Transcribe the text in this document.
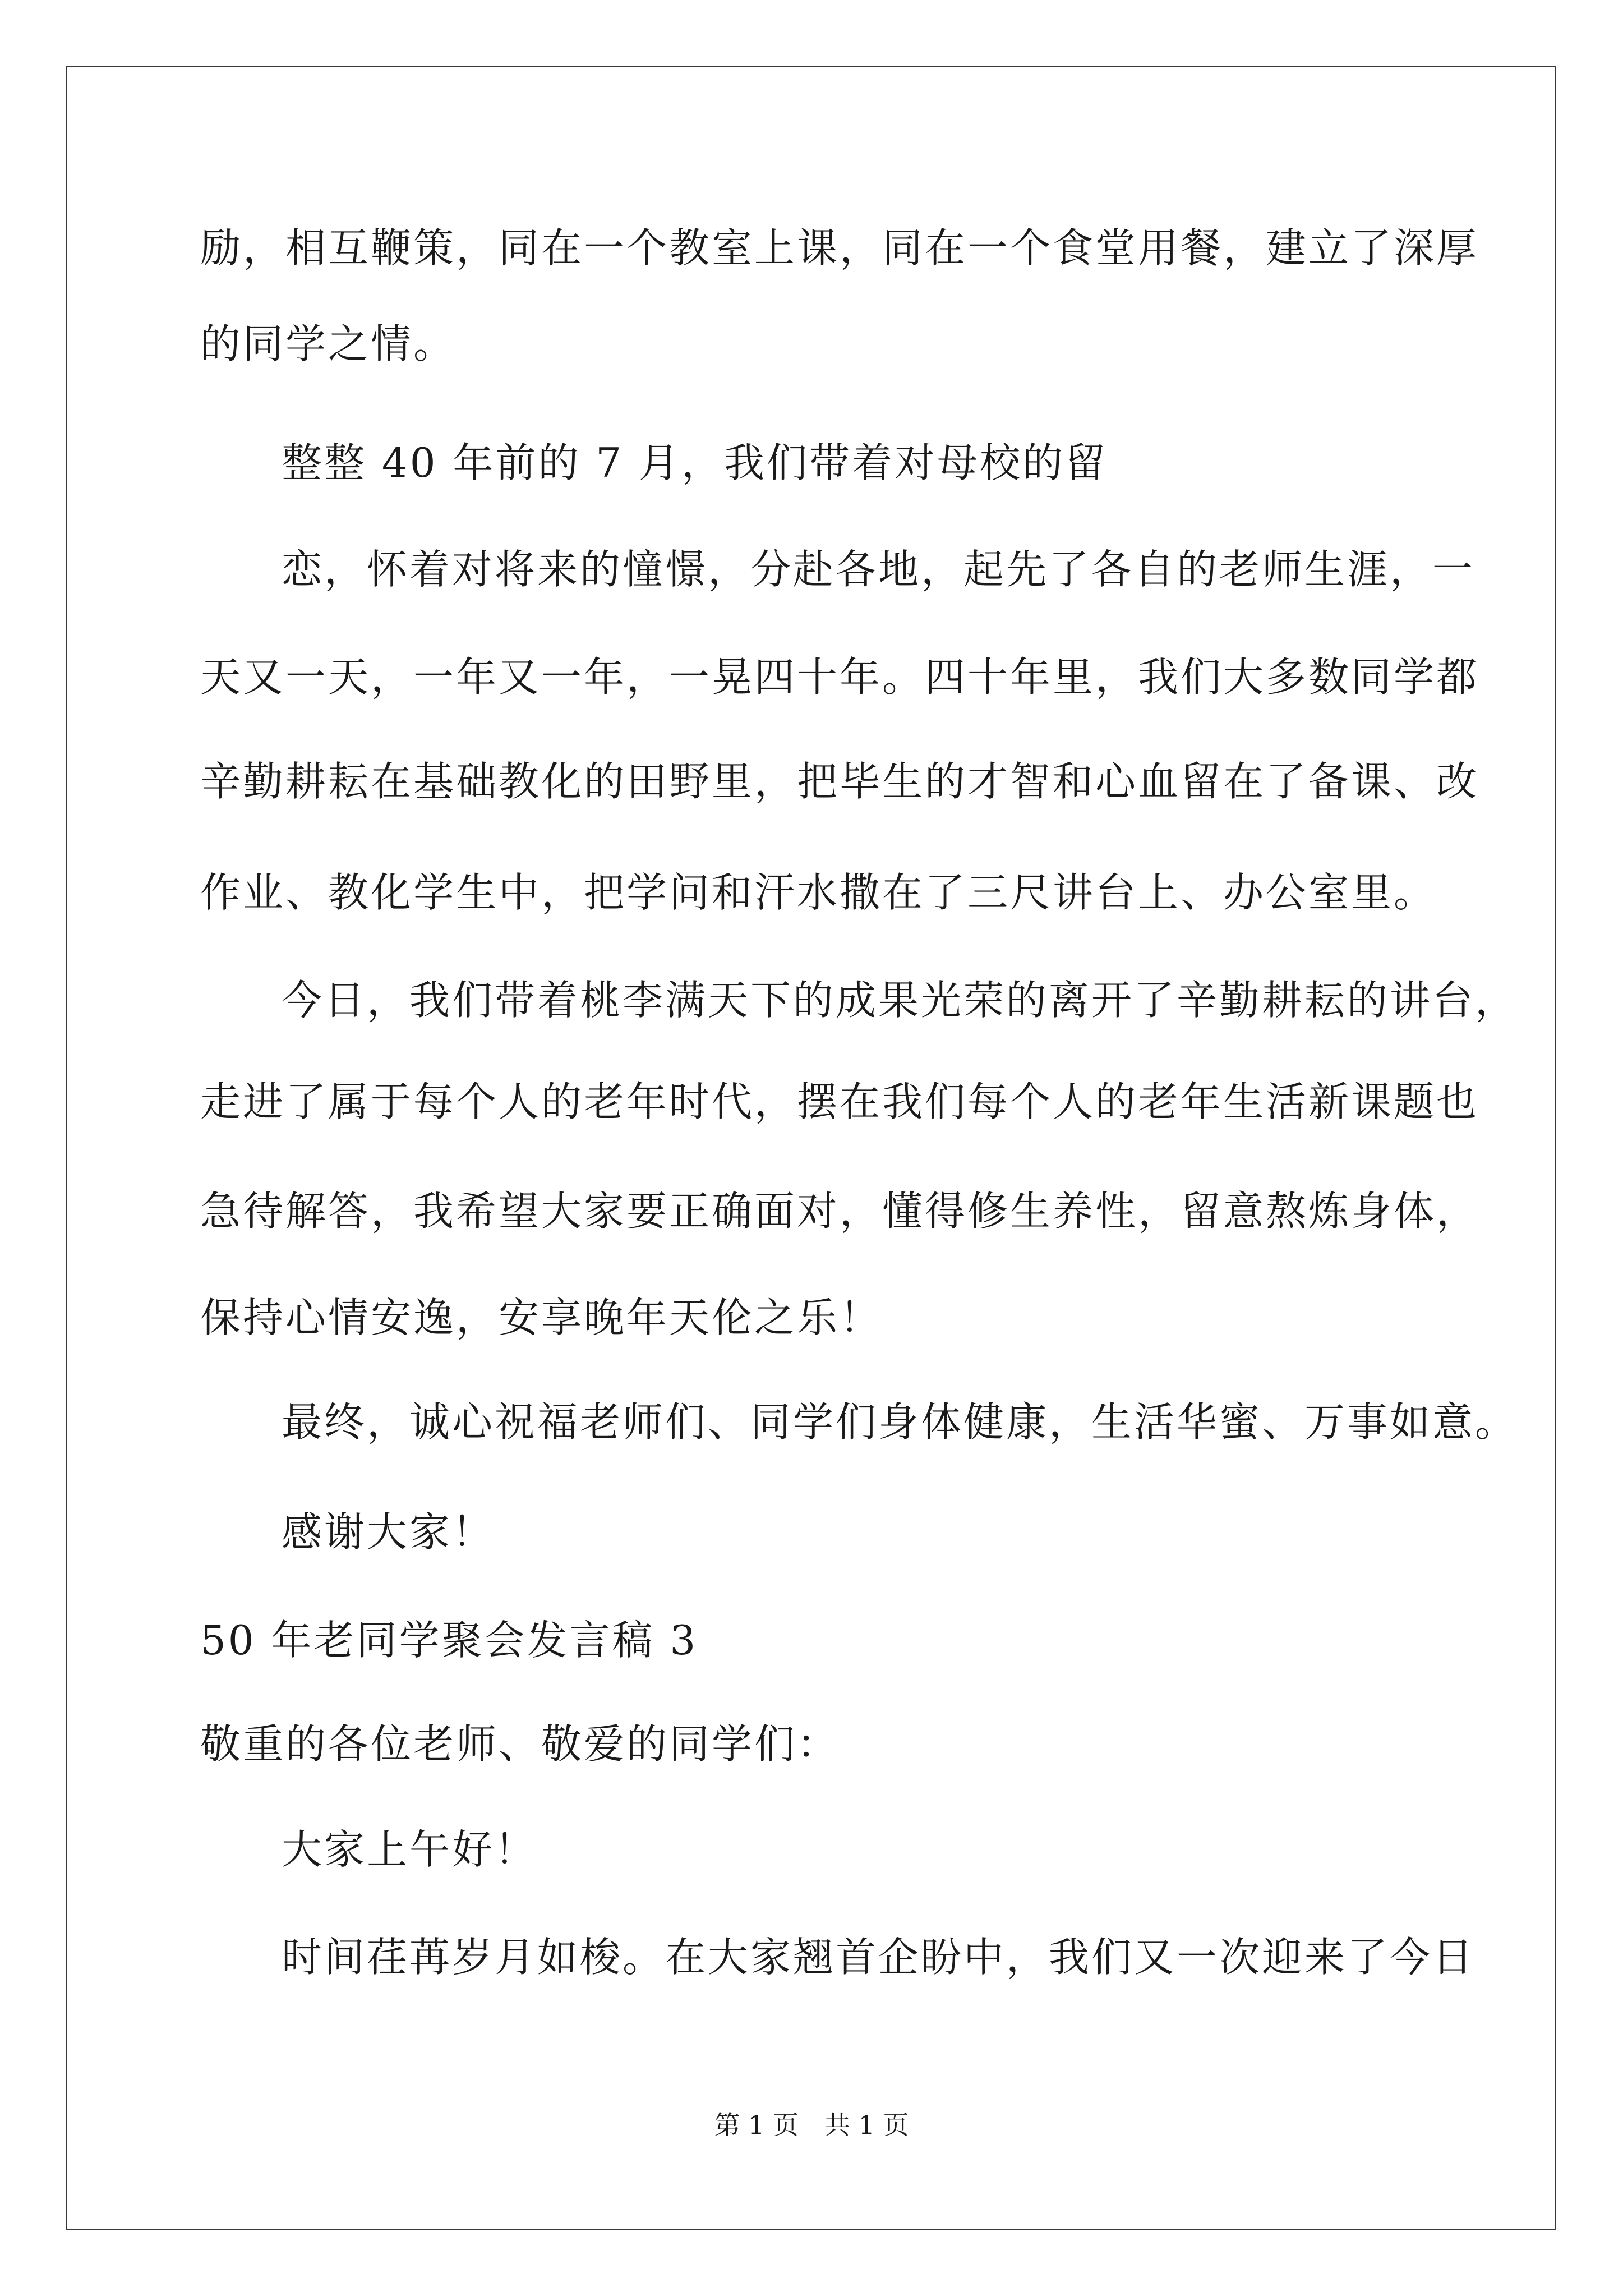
励，相互鞭策，同在一个教室上课，同在一个食堂用餐，建立了深厚
的同学之情。
整整 40 年前的 7 月，我们带着对母校的留
恋，怀着对将来的憧憬，分赴各地，起先了各自的老师生涯，一
天又一天，一年又一年，一晃四十年。四十年里，我们大多数同学都
辛勤耕耘在基础教化的田野里，把毕生的才智和心血留在了备课、改
作业、教化学生中，把学问和汗水撒在了三尺讲台上、办公室里。
今日，我们带着桃李满天下的成果光荣的离开了辛勤耕耘的讲台，
走进了属于每个人的老年时代，摆在我们每个人的老年生活新课题也
急待解答，我希望大家要正确面对，懂得修生养性，留意熬炼身体，
保持心情安逸，安享晚年天伦之乐！
最终，诚心祝福老师们、同学们身体健康，生活华蜜、万事如意。
感谢大家！
50 年老同学聚会发言稿 3
敬重的各位老师、敬爱的同学们：
大家上午好！
时间荏苒岁月如梭。在大家翘首企盼中，我们又一次迎来了今日
第 1 页　共 1 页
